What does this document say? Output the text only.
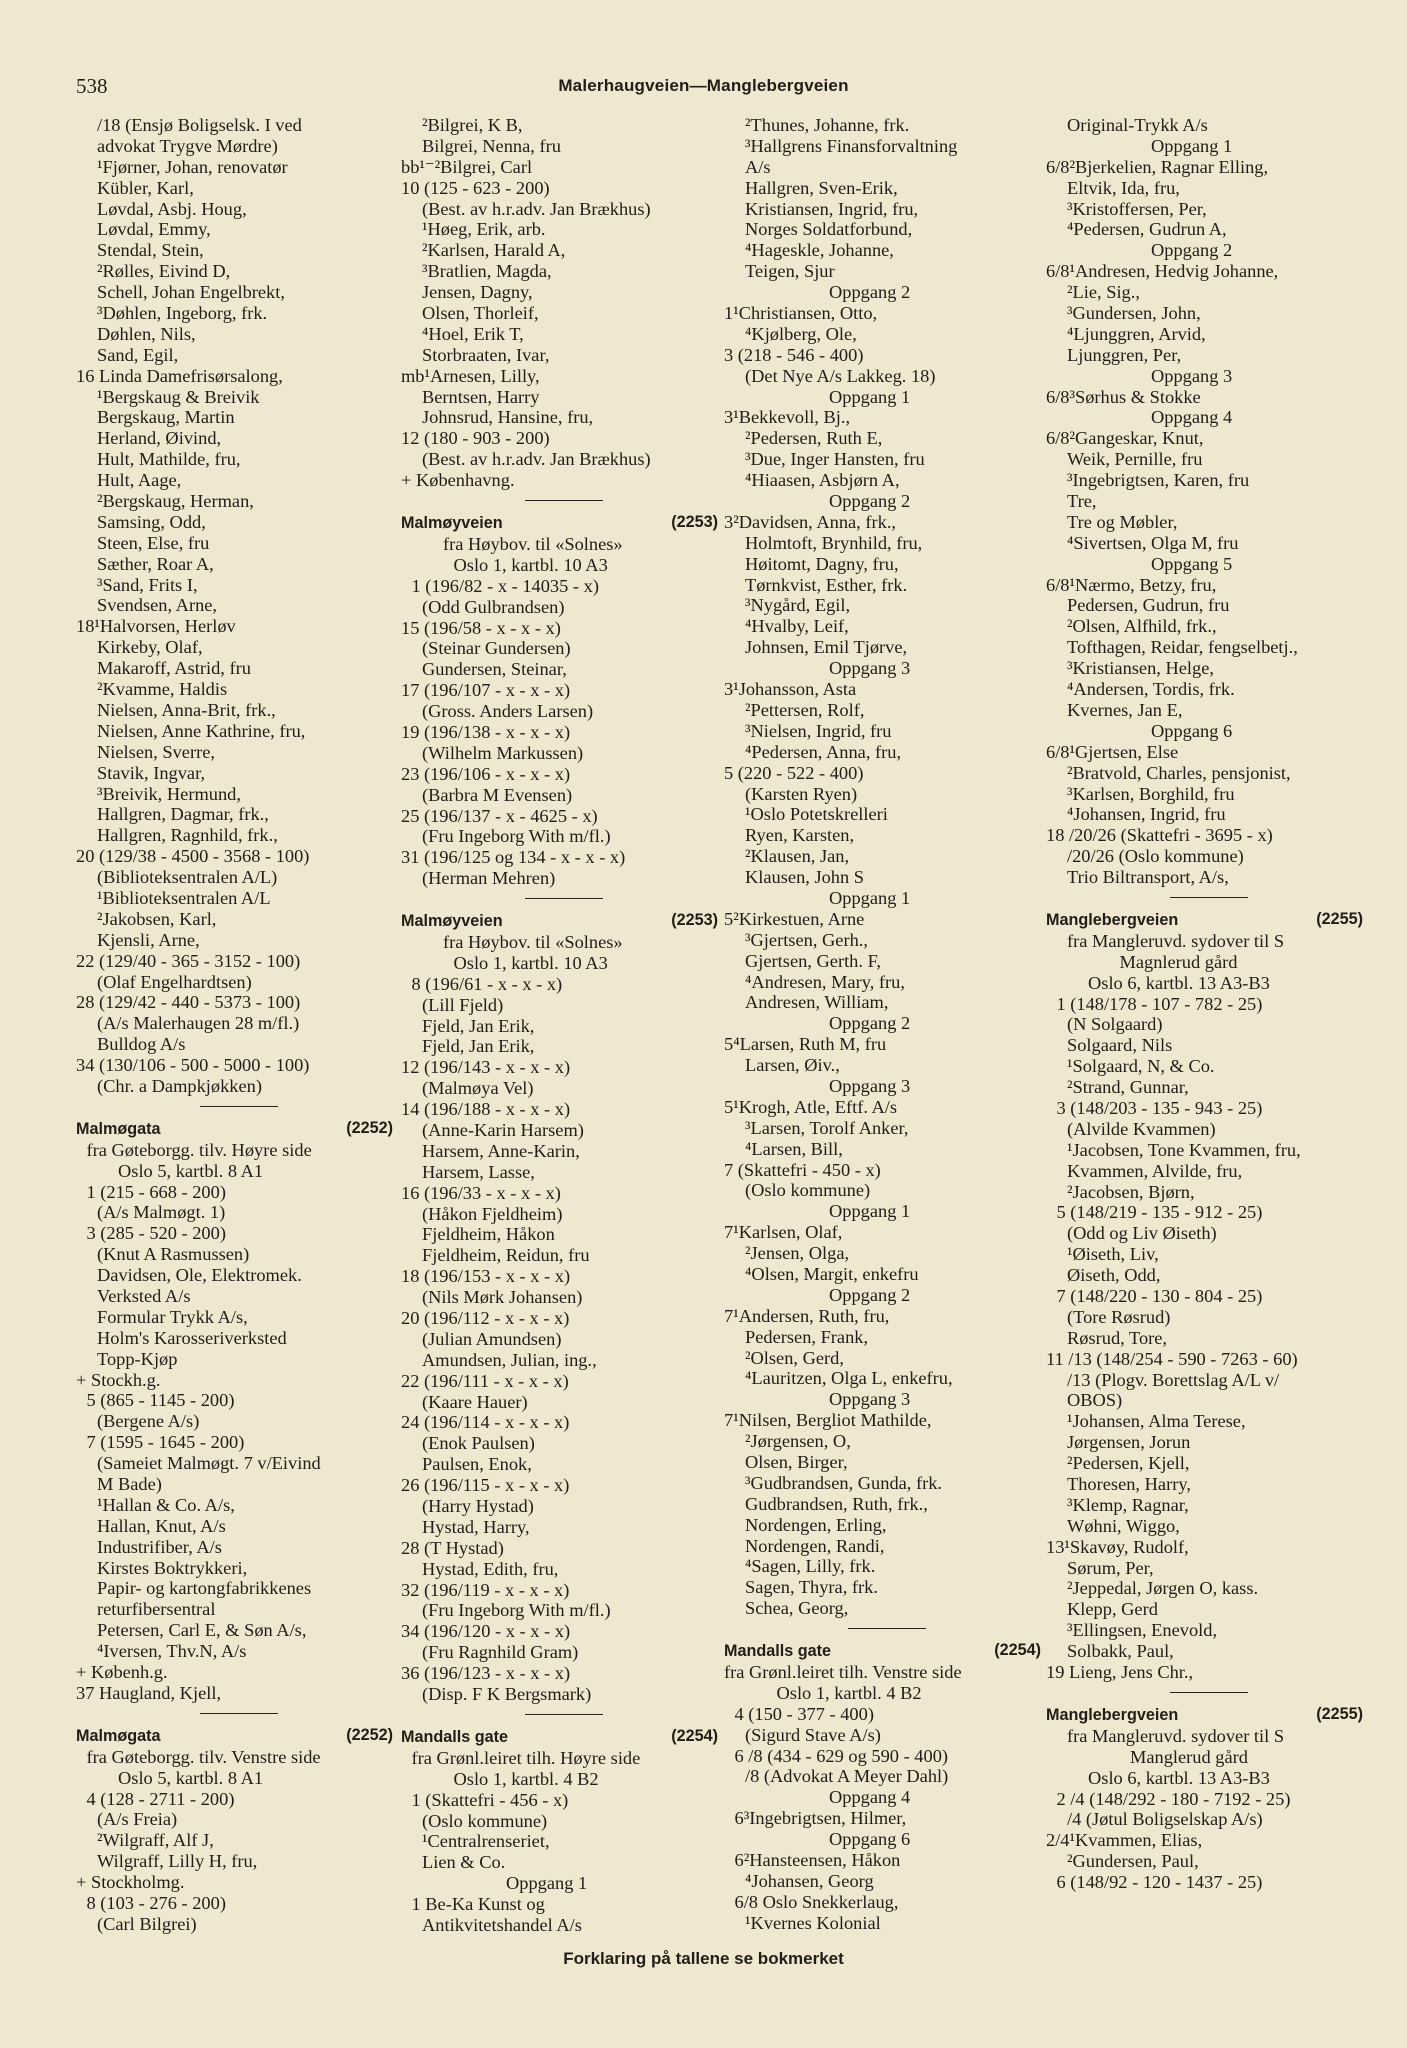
538	Malerhaugveien—Manglebergveien
/18 (Ensjø Boligselsk. I ved
advokat Trygve Mørdre)
¹Fjørner, Johan, renovatør
Kübler, Karl,
Løvdal, Asbj. Houg,
Løvdal, Emmy,
Stendal, Stein,
²Rølles, Eivind D,
Schell, Johan Engelbrekt,
³Døhlen, Ingeborg, frk.
Døhlen, Nils,
Sand, Egil,
16 Linda Damefrisørsalong,
¹Bergskaug & Breivik
Bergskaug, Martin
Herland, Øivind,
Hult, Mathilde, fru,
Hult, Aage,
²Bergskaug, Herman,
Samsing, Odd,
Steen, Else, fru
Sæther, Roar A,
³Sand, Frits I,
Svendsen, Arne,
18¹Halvorsen, Herløv
Kirkeby, Olaf,
Makaroff, Astrid, fru
²Kvamme, Haldis
Nielsen, Anna-Brit, frk.,
Nielsen, Anne Kathrine, fru,
Nielsen, Sverre,
Stavik, Ingvar,
³Breivik, Hermund,
Hallgren, Dagmar, frk.,
Hallgren, Ragnhild, frk.,
20 (129/38 - 4500 - 3568 - 100)
(Biblioteksentralen A/L)
¹Biblioteksentralen A/L
²Jakobsen, Karl,
Kjensli, Arne,
22 (129/40 - 365 - 3152 - 100)
(Olaf Engelhardtsen)
28 (129/42 - 440 - 5373 - 100)
(A/s Malerhaugen 28 m/fl.)
Bulldog A/s
34 (130/106 - 500 - 5000 - 100)
(Chr. a Dampkjøkken)
(2252)
Malmøgata
fra Gøteborgg. tilv. Høyre side
Oslo 5, kartbl. 8 A1
1 (215 - 668 - 200)
(A/s Malmøgt. 1)
3 (285 - 520 - 200)
(Knut A Rasmussen)
Davidsen, Ole, Elektromek.
Verksted A/s
Formular Trykk A/s,
Holm's Karosseriverksted
Topp-Kjøp
+ Stockh.g.
5 (865 - 1145 - 200)
(Bergene A/s)
7 (1595 - 1645 - 200)
(Sameiet Malmøgt. 7 v/Eivind
M Bade)
¹Hallan & Co. A/s,
Hallan, Knut, A/s
Industrifiber, A/s
Kirstes Boktrykkeri,
Papir- og kartongfabrikkenes
returfibersentral
Petersen, Carl E, & Søn A/s,
⁴Iversen, Thv.N, A/s
+ Københ.g.
37 Haugland, Kjell,
(2252)
Malmøgata
fra Gøteborgg. tilv. Venstre side
Oslo 5, kartbl. 8 A1
4 (128 - 2711 - 200)
(A/s Freia)
²Wilgraff, Alf J,
Wilgraff, Lilly H, fru,
+ Stockholmg.
8 (103 - 276 - 200)
(Carl Bilgrei)
²Bilgrei, K B,
Bilgrei, Nenna, fru
bb¹⁻²Bilgrei, Carl
10 (125 - 623 - 200)
(Best. av h.r.adv. Jan Brækhus)
¹Høeg, Erik, arb.
²Karlsen, Harald A,
³Bratlien, Magda,
Jensen, Dagny,
Olsen, Thorleif,
⁴Hoel, Erik T,
Storbraaten, Ivar,
mb¹Arnesen, Lilly,
Berntsen, Harry
Johnsrud, Hansine, fru,
12 (180 - 903 - 200)
(Best. av h.r.adv. Jan Brækhus)
+ Københavng.
(2253)
Malmøyveien
fra Høybov. til «Solnes»
Oslo 1, kartbl. 10 A3
1 (196/82 - x - 14035 - x)
(Odd Gulbrandsen)
15 (196/58 - x - x - x)
(Steinar Gundersen)
Gundersen, Steinar,
17 (196/107 - x - x - x)
(Gross. Anders Larsen)
19 (196/138 - x - x - x)
(Wilhelm Markussen)
23 (196/106 - x - x - x)
(Barbra M Evensen)
25 (196/137 - x - 4625 - x)
(Fru Ingeborg With m/fl.)
31 (196/125 og 134 - x - x - x)
(Herman Mehren)
(2253)
Malmøyveien
fra Høybov. til «Solnes»
Oslo 1, kartbl. 10 A3
8 (196/61 - x - x - x)
(Lill Fjeld)
Fjeld, Jan Erik,
Fjeld, Jan Erik,
12 (196/143 - x - x - x)
(Malmøya Vel)
14 (196/188 - x - x - x)
(Anne-Karin Harsem)
Harsem, Anne-Karin,
Harsem, Lasse,
16 (196/33 - x - x - x)
(Håkon Fjeldheim)
Fjeldheim, Håkon
Fjeldheim, Reidun, fru
18 (196/153 - x - x - x)
(Nils Mørk Johansen)
20 (196/112 - x - x - x)
(Julian Amundsen)
Amundsen, Julian, ing.,
22 (196/111 - x - x - x)
(Kaare Hauer)
24 (196/114 - x - x - x)
(Enok Paulsen)
Paulsen, Enok,
26 (196/115 - x - x - x)
(Harry Hystad)
Hystad, Harry,
28 (T Hystad)
Hystad, Edith, fru,
32 (196/119 - x - x - x)
(Fru Ingeborg With m/fl.)
34 (196/120 - x - x - x)
(Fru Ragnhild Gram)
36 (196/123 - x - x - x)
(Disp. F K Bergsmark)
(2254)
Mandalls gate
fra Grønl.leiret tilh. Høyre side
Oslo 1, kartbl. 4 B2
1 (Skattefri - 456 - x)
(Oslo kommune)
¹Centralrenseriet,
Lien & Co.
Oppgang 1
1 Be-Ka Kunst og
Antikvitetshandel A/s
²Thunes, Johanne, frk.
³Hallgrens Finansforvaltning
A/s
Hallgren, Sven-Erik,
Kristiansen, Ingrid, fru,
Norges Soldatforbund,
⁴Hageskle, Johanne,
Teigen, Sjur
Oppgang 2
1¹Christiansen, Otto,
⁴Kjølberg, Ole,
3 (218 - 546 - 400)
(Det Nye A/s Lakkeg. 18)
Oppgang 1
3¹Bekkevoll, Bj.,
²Pedersen, Ruth E,
³Due, Inger Hansten, fru
⁴Hiaasen, Asbjørn A,
Oppgang 2
3²Davidsen, Anna, frk.,
Holmtoft, Brynhild, fru,
Høitomt, Dagny, fru,
Tørnkvist, Esther, frk.
³Nygård, Egil,
⁴Hvalby, Leif,
Johnsen, Emil Tjørve,
Oppgang 3
3¹Johansson, Asta
²Pettersen, Rolf,
³Nielsen, Ingrid, fru
⁴Pedersen, Anna, fru,
5 (220 - 522 - 400)
(Karsten Ryen)
¹Oslo Potetskrelleri
Ryen, Karsten,
²Klausen, Jan,
Klausen, John S
Oppgang 1
5²Kirkestuen, Arne
³Gjertsen, Gerh.,
Gjertsen, Gerth. F,
⁴Andresen, Mary, fru,
Andresen, William,
Oppgang 2
5⁴Larsen, Ruth M, fru
Larsen, Øiv.,
Oppgang 3
5¹Krogh, Atle, Eftf. A/s
³Larsen, Torolf Anker,
⁴Larsen, Bill,
7 (Skattefri - 450 - x)
(Oslo kommune)
Oppgang 1
7¹Karlsen, Olaf,
²Jensen, Olga,
⁴Olsen, Margit, enkefru
Oppgang 2
7¹Andersen, Ruth, fru,
Pedersen, Frank,
²Olsen, Gerd,
⁴Lauritzen, Olga L, enkefru,
Oppgang 3
7¹Nilsen, Bergliot Mathilde,
²Jørgensen, O,
Olsen, Birger,
³Gudbrandsen, Gunda, frk.
Gudbrandsen, Ruth, frk.,
Nordengen, Erling,
Nordengen, Randi,
⁴Sagen, Lilly, frk.
Sagen, Thyra, frk.
Schea, Georg,
(2254)
Mandalls gate
fra Grønl.leiret tilh. Venstre side
Oslo 1, kartbl. 4 B2
4 (150 - 377 - 400)
(Sigurd Stave A/s)
6 /8 (434 - 629 og 590 - 400)
/8 (Advokat A Meyer Dahl)
Oppgang 4
6³Ingebrigtsen, Hilmer,
Oppgang 6
6²Hansteensen, Håkon
⁴Johansen, Georg
6/8 Oslo Snekkerlaug,
¹Kvernes Kolonial
Original-Trykk A/s
Oppgang 1
6/8²Bjerkelien, Ragnar Elling,
Eltvik, Ida, fru,
³Kristoffersen, Per,
⁴Pedersen, Gudrun A,
Oppgang 2
6/8¹Andresen, Hedvig Johanne,
²Lie, Sig.,
³Gundersen, John,
⁴Ljunggren, Arvid,
Ljunggren, Per,
Oppgang 3
6/8³Sørhus & Stokke
Oppgang 4
6/8²Gangeskar, Knut,
Weik, Pernille, fru
³Ingebrigtsen, Karen, fru
Tre,
Tre og Møbler,
⁴Sivertsen, Olga M, fru
Oppgang 5
6/8¹Nærmo, Betzy, fru,
Pedersen, Gudrun, fru
²Olsen, Alfhild, frk.,
Tofthagen, Reidar, fengselbetj.,
³Kristiansen, Helge,
⁴Andersen, Tordis, frk.
Kvernes, Jan E,
Oppgang 6
6/8¹Gjertsen, Else
²Bratvold, Charles, pensjonist,
³Karlsen, Borghild, fru
⁴Johansen, Ingrid, fru
18 /20/26 (Skattefri - 3695 - x)
/20/26 (Oslo kommune)
Trio Biltransport, A/s,
(2255)
Manglebergveien
fra Mangleruvd. sydover til S
Magnlerud gård
Oslo 6, kartbl. 13 A3-B3
1 (148/178 - 107 - 782 - 25)
(N Solgaard)
Solgaard, Nils
¹Solgaard, N, & Co.
²Strand, Gunnar,
3 (148/203 - 135 - 943 - 25)
(Alvilde Kvammen)
¹Jacobsen, Tone Kvammen, fru,
Kvammen, Alvilde, fru,
²Jacobsen, Bjørn,
5 (148/219 - 135 - 912 - 25)
(Odd og Liv Øiseth)
¹Øiseth, Liv,
Øiseth, Odd,
7 (148/220 - 130 - 804 - 25)
(Tore Røsrud)
Røsrud, Tore,
11 /13 (148/254 - 590 - 7263 - 60)
/13 (Plogv. Borettslag A/L v/
OBOS)
¹Johansen, Alma Terese,
Jørgensen, Jorun
²Pedersen, Kjell,
Thoresen, Harry,
³Klemp, Ragnar,
Wøhni, Wiggo,
13¹Skavøy, Rudolf,
Sørum, Per,
²Jeppedal, Jørgen O, kass.
Klepp, Gerd
³Ellingsen, Enevold,
Solbakk, Paul,
19 Lieng, Jens Chr.,
(2255)
Manglebergveien
fra Mangleruvd. sydover til S
Manglerud gård
Oslo 6, kartbl. 13 A3-B3
2 /4 (148/292 - 180 - 7192 - 25)
/4 (Jøtul Boligselskap A/s)
2/4¹Kvammen, Elias,
²Gundersen, Paul,
6 (148/92 - 120 - 1437 - 25)
Forklaring på tallene se bokmerket
